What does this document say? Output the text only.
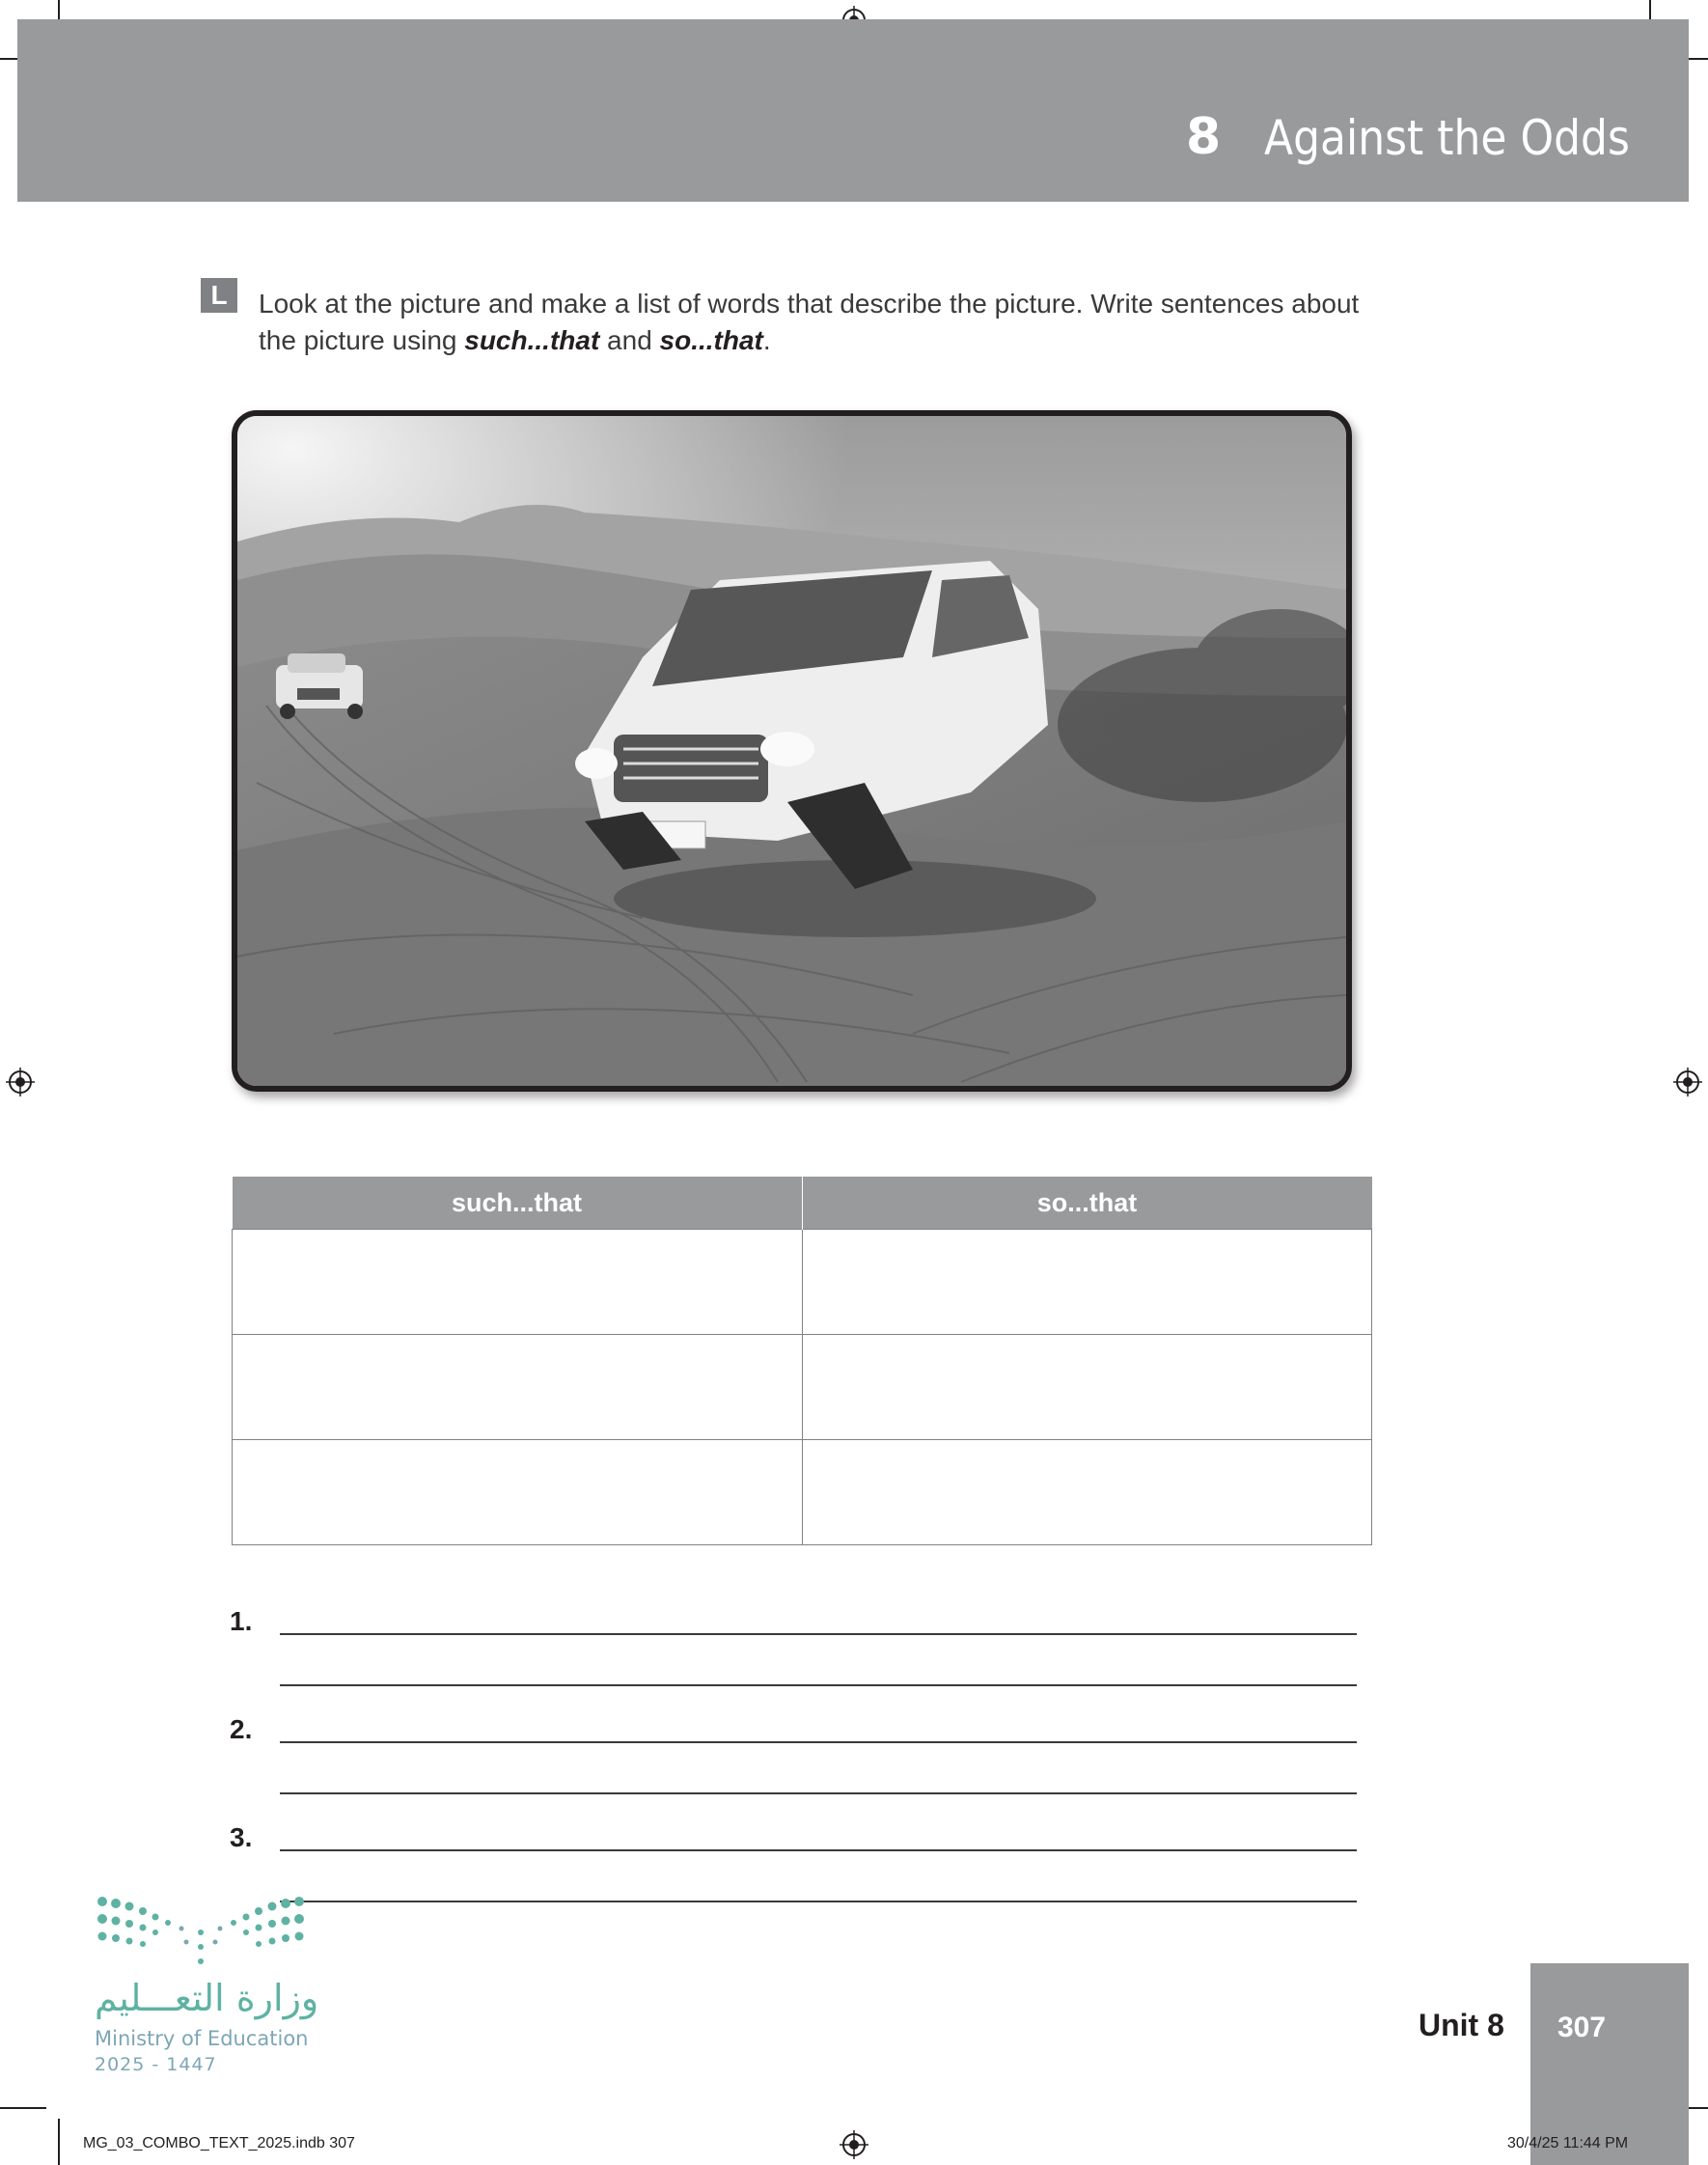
8 Against the Odds
L	Look at the picture and make a list of words that describe the picture. Write sentences about the picture using such...that and so...that.
such...that	so...that

1.
2.
3.
وزارة التعـــليم
Ministry of Education
2025 - 1447
Unit 8 307
MG_03_COMBO_TEXT_2025.indb 307	30/4/25 11:44 PM
